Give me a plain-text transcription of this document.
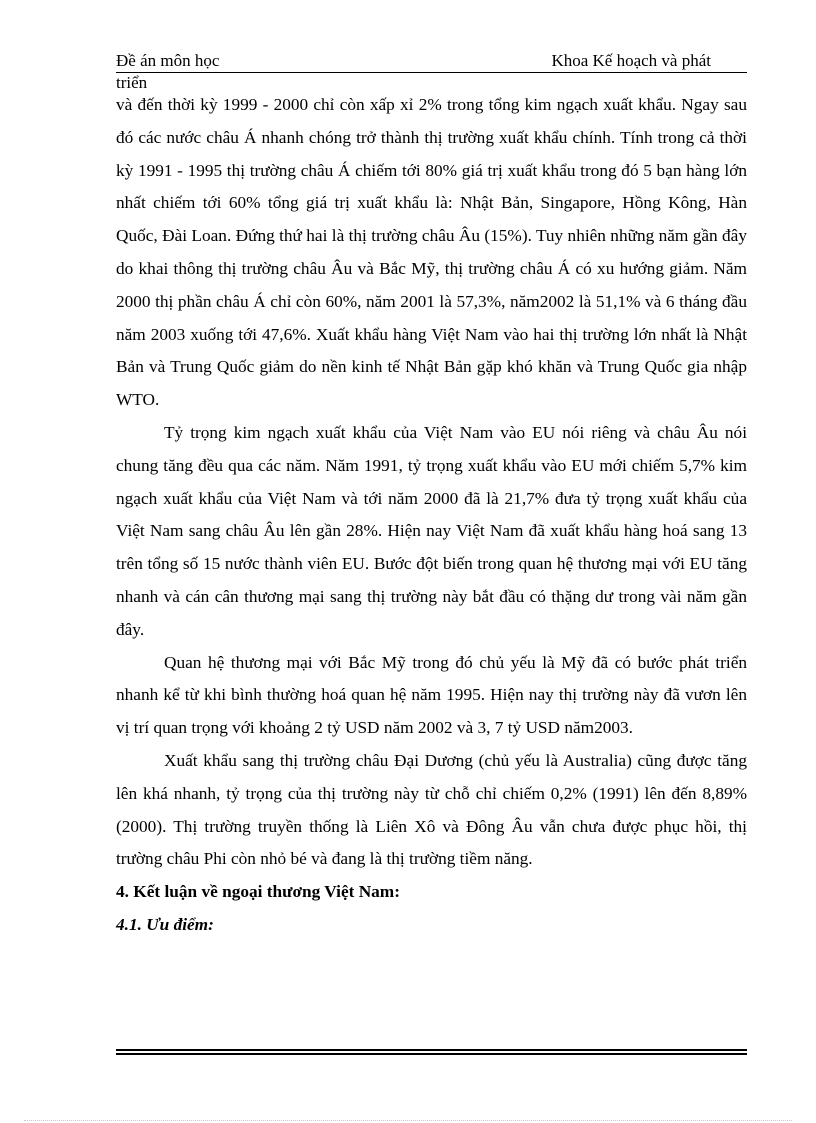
Đề án môn học	Khoa Kế hoạch và phát
triển

và đến thời kỳ 1999 - 2000 chỉ còn xấp xỉ 2% trong tổng kim ngạch xuất khẩu. Ngay sau đó các nước châu Á nhanh chóng trở thành thị trường xuất khẩu chính. Tính trong cả thời kỳ 1991 - 1995 thị trường châu Á chiếm tới 80% giá trị xuất khẩu trong đó 5 bạn hàng lớn nhất chiếm tới 60% tổng giá trị xuất khẩu là: Nhật Bản, Singapore, Hồng Kông, Hàn Quốc, Đài Loan. Đứng thứ hai là thị trường châu Âu (15%). Tuy nhiên những năm gần đây do khai thông thị trường châu Âu và Bắc Mỹ, thị trường châu Á có xu hướng giảm. Năm 2000 thị phần châu Á chỉ còn 60%, năm 2001 là 57,3%, năm2002 là 51,1% và 6 tháng đầu năm 2003 xuống tới 47,6%. Xuất khẩu hàng Việt Nam vào hai thị trường lớn nhất là Nhật Bản và Trung Quốc giảm do nền kinh tế Nhật Bản gặp khó khăn và Trung Quốc gia nhập WTO.

Tỷ trọng kim ngạch xuất khẩu của Việt Nam vào EU nói riêng và châu Âu nói chung tăng đều qua các năm. Năm 1991, tỷ trọng xuất khẩu vào EU mới chiếm 5,7% kim ngạch xuất khẩu của Việt Nam và tới năm 2000 đã là 21,7% đưa tỷ trọng xuất khẩu của Việt Nam sang châu Âu lên gần 28%. Hiện nay Việt Nam đã xuất khẩu hàng hoá sang 13 trên tổng số 15 nước thành viên EU. Bước đột biến trong quan hệ thương mại với EU tăng nhanh và cán cân thương mại sang thị trường này bắt đầu có thặng dư trong vài năm gần đây.

Quan hệ thương mại với Bắc Mỹ trong đó chủ yếu là Mỹ đã có bước phát triển nhanh kể từ khi bình thường hoá quan hệ năm 1995. Hiện nay thị trường này đã vươn lên vị trí quan trọng với khoảng 2 tỷ USD năm 2002 và 3, 7 tỷ USD năm2003.

Xuất khẩu sang thị trường châu Đại Dương (chủ yếu là Australia) cũng được tăng lên khá nhanh, tỷ trọng của thị trường này từ chỗ chỉ chiếm 0,2% (1991) lên đến 8,89% (2000). Thị trường truyền thống là Liên Xô và Đông Âu vẫn chưa được phục hồi, thị trường châu Phi còn nhỏ bé và đang là thị trường tiềm năng.

4. Kết luận về ngoại thương Việt Nam:

4.1. Ưu điểm:
